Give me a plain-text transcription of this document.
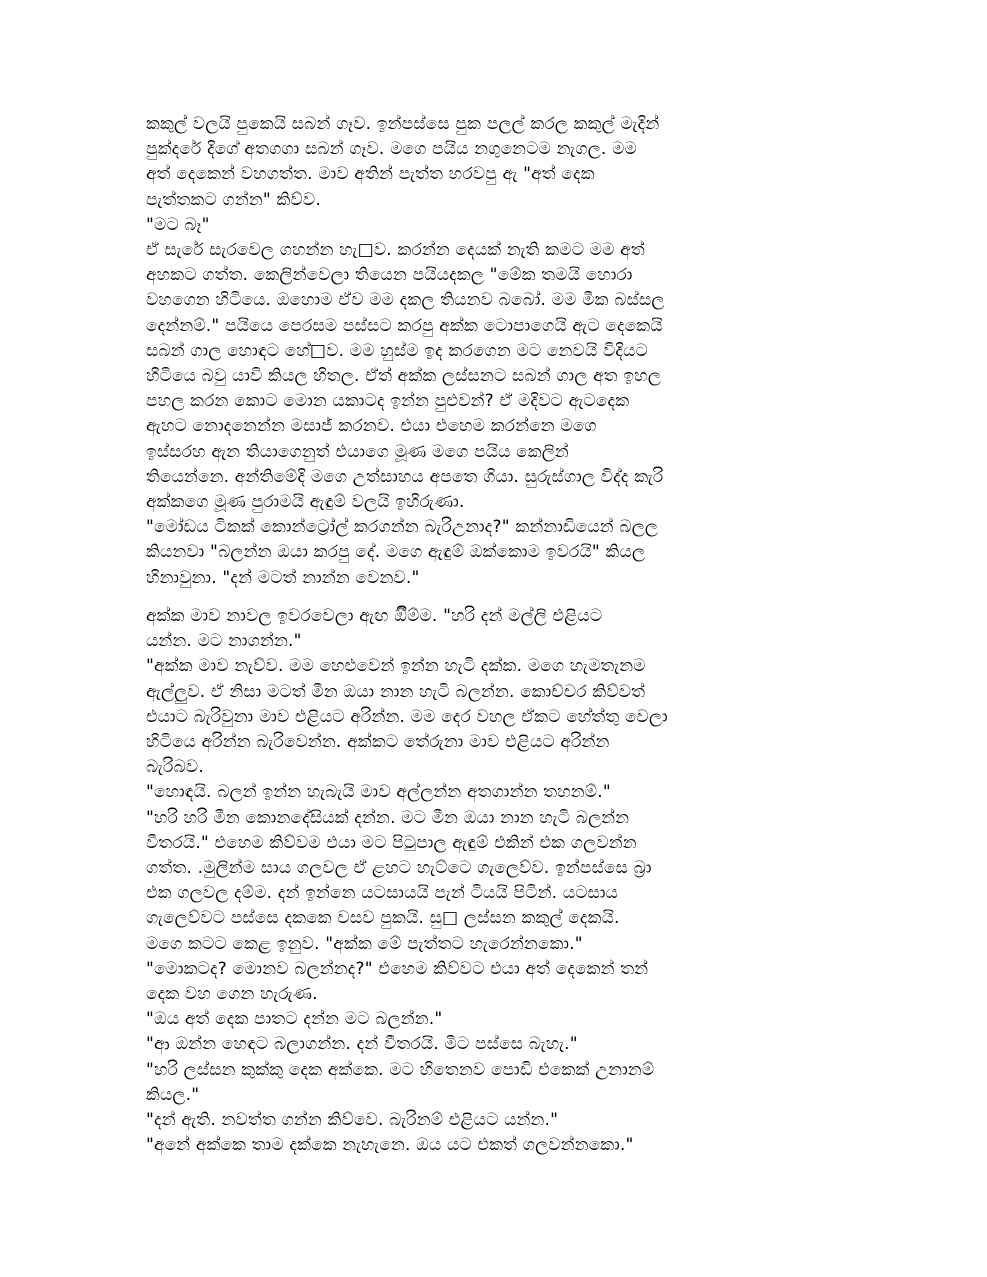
කකුල් වලයි පුකෙයි සබන් ගෑව. ඉන්පස්සෙ පුක පලල් කරල කකුල් මැදින්
පුක්දරේ දිගේ අතගගා සබන් ගෑව. මගෙ පයිය නගුනෙටම නැගල. මම
අත් දෙකෙන් වහගත්ත. මාව අතින් පැත්ත හරවපු ඇ "අත් දෙක
පැත්තකට ගන්න" කිව්ව.
"මට බෑ"
ඒ සැරේ සැරවෙල ගහන්න හැ□ව. කරන්න දෙයක් නැති කමට මම අත්
අහකට ගත්ත. කෙලින්වෙලා තියෙන පයියදකල "මේක තමයි හොරා
වහගෙන හිටියෙ. ඔහොම ඒව මම දකල තියනව බබෝ. මම මීක බස්සල
දෙන්නම්." පයියෙ පෙරසම පස්සට කරපු අක්ක ටොපාගෙයි ඇට දෙකෙයි
සබන් ගාල හොඳට හේ□ව. මම හුස්ම ඉද කරගෙන මට නෙවයි විදියට
හිටියෙ බවු යාවි කියල හිතල. ඒත් අක්ක ලස්සනට සබන් ගාල අත ඉහල
පහල කරන කොට මොන යකාටද ඉන්න පුළුවන්? ඒ මදිවට ඇටදෙක
ඇහට නොදනෙන්න මසාජ් කරනව. එයා එහෙම කරන්නෙ මගෙ
ඉස්සරහ ඇන තියාගෙනුත් එයාගෙ මූණ මගෙ පයිය කෙලින්
තියෙන්නෙ. අන්තිමේදි මගෙ උත්සාහය අපතෙ ගියා. සුරුස්ගාල විද්ද කැරි
අක්කගෙ මූණ පුරාමයි ඇඳුම් වලයි ඉහිරුණා.
"මෝඩය ටිකක් කොන්ට්‍රෝල් කරගන්න බැරිඋනාද?" කන්නාඩියෙන් බලල
කියනවා "බලන්න ඔයා කරපු දේ. මගෙ ඇඳුම් ඔක්කොම ඉවරයි" කියල
හිනාවුනා. "දන් මටත් නාන්න වෙනව."
අක්ක මාව නාවල ඉවරවෙලා ඇඟ ඕීම්ම. "හරි දන් මල්ලි එළියට
යන්න. මට නාගන්න."
"අක්ක මාව නැව්ව. මම හෙළුවෙන් ඉන්න හැටි දක්ක. මගෙ හැමතැනම
ඇල්ලුව. ඒ නිසා මටත් මීන ඔයා නාන හැටි බලන්න. කොච්චර කිව්වත්
එයාට බැරිවුනා මාව එළියට අරින්න. මම දෙර වහල ඒකට හේත්තු වෙලා
හිටියෙ අරින්න බැරිවෙන්න. අක්කට තේරුනා මාව එළියට අරින්න
බැරිබව.
"හොඳයි. බලන් ඉන්න හැබැයි මාව අල්ලන්න අතගාන්න තහනම්."
"හරි හරි මීන කොනදේසියක් දන්න. මට මීන ඔයා නාන හැටි බලන්න
වීතරයි." එහෙම කිව්වම එයා මට පිටුපාල ඇඳුම් එකින් එක ගලවන්න
ගත්ත. .මුලින්ම සාය ගලවල ඒ ළහට හැට්ටෙ ගැලෙව්ව. ඉන්පස්සෙ බ්‍රා
එක ගලවල දම්ම. දන් ඉන්නෙ යටසායයි පැන් ටියයි පිටින්. යටසාය
ගැලෙව්වට පස්සෙ දකකෙ වසව පුකයි. සු□ ලස්සන කකුල් දෙකයි.
මගෙ කටට කෙළ ඉනුව. "අක්ක මේ පැත්තට හැරෙන්නකො."
"මොකටද? මොනව බලන්නද?" එහෙම කිව්වට එයා අත් දෙකෙන් තන්
දෙක වහ ගෙන හැරුණ.
"ඔය අත් දෙක පාතට දන්න මට බලන්න."
"ආ ඔන්න හෙඳට බලාගන්න. දන් වීතරයි. මීට පස්සෙ බැහැ."
"හරි ලස්සන කුක්කු දෙක අක්කෙ. මට හිතෙනව පොඩි එකෙක් උනානම්
කියල."
"දන් ඇති. නවත්ත ගන්න කිව්වෙ. බැරිනම් එළියට යන්න."
"අනේ අක්කෙ තාම දක්කෙ නැහැනෙ. ඔය යට එකත් ගලවන්නකො."
